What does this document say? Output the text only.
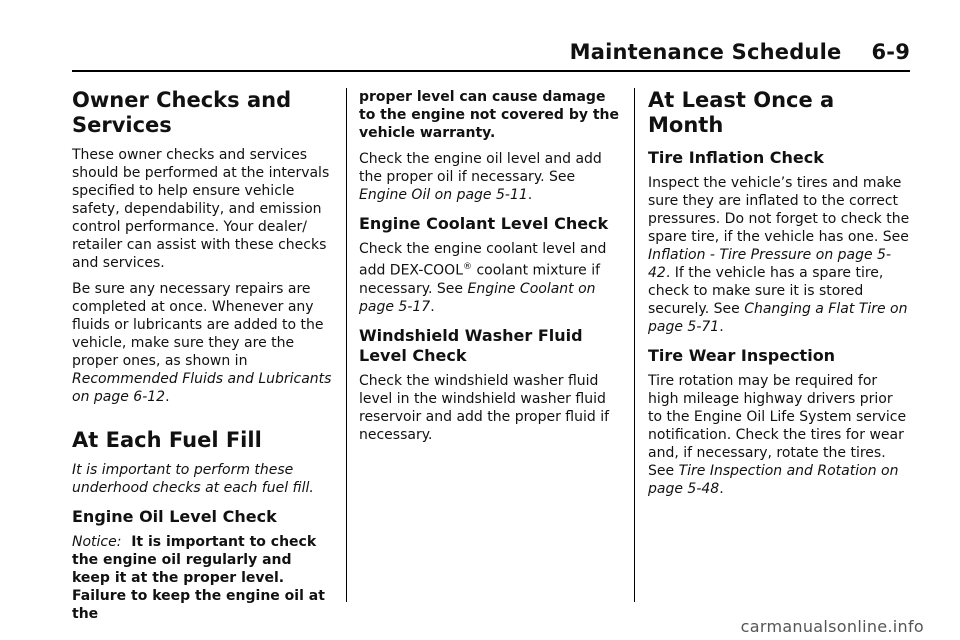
Maintenance Schedule    6-9
Owner Checks and Services

These owner checks and services should be performed at the intervals specified to help ensure vehicle safety, dependability, and emission control performance. Your dealer/ retailer can assist with these checks and services.

Be sure any necessary repairs are completed at once. Whenever any fluids or lubricants are added to the vehicle, make sure they are the proper ones, as shown in Recommended Fluids and Lubricants on page 6-12.

At Each Fuel Fill

It is important to perform these underhood checks at each fuel fill.

Engine Oil Level Check

Notice:  It is important to check the engine oil regularly and keep it at the proper level. Failure to keep the engine oil at the

proper level can cause damage to the engine not covered by the vehicle warranty.

Check the engine oil level and add the proper oil if necessary. See Engine Oil on page 5-11.

Engine Coolant Level Check

Check the engine coolant level and add DEX-COOL® coolant mixture if necessary. See Engine Coolant on page 5-17.

Windshield Washer Fluid Level Check

Check the windshield washer fluid level in the windshield washer fluid reservoir and add the proper fluid if necessary.

At Least Once a Month
Tire Inflation Check

Inspect the vehicle’s tires and make sure they are inflated to the correct pressures. Do not forget to check the spare tire, if the vehicle has one. See Inflation - Tire Pressure on page 5-42. If the vehicle has a spare tire, check to make sure it is stored securely. See Changing a Flat Tire on page 5-71.

Tire Wear Inspection

Tire rotation may be required for high mileage highway drivers prior to the Engine Oil Life System service notification. Check the tires for wear and, if necessary, rotate the tires. See Tire Inspection and Rotation on page 5-48.

carmanualsonline.info
